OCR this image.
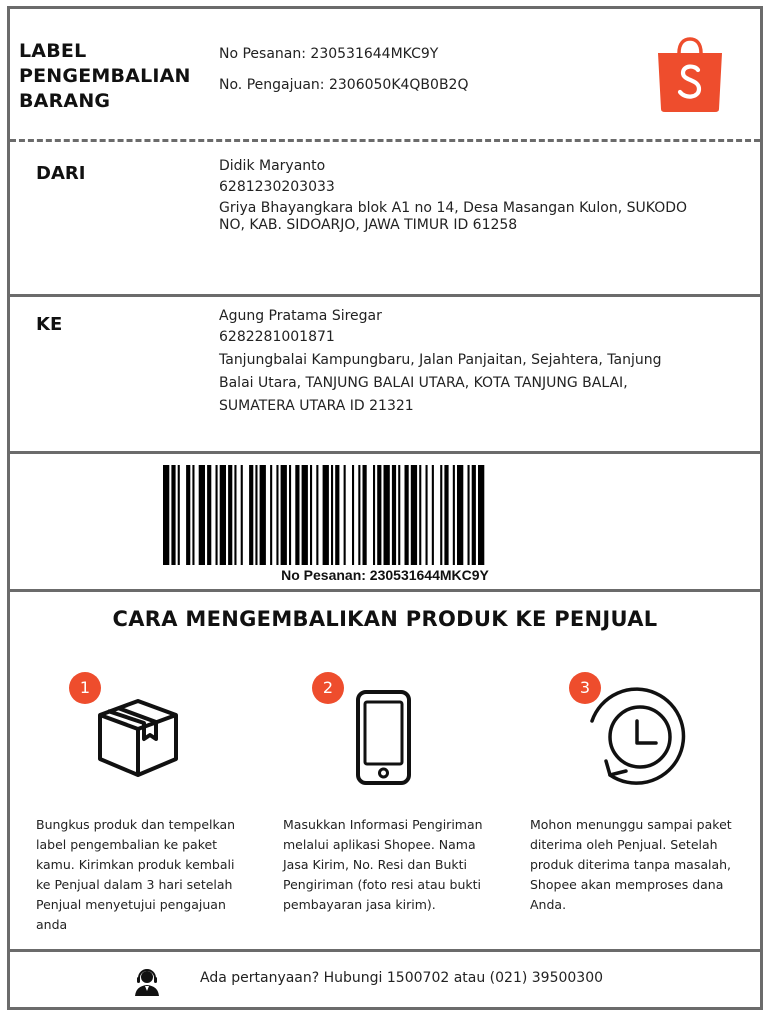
LABEL
PENGEMBALIAN
BARANG
No Pesanan: 230531644MKC9Y
No. Pengajuan: 2306050K4QB0B2Q
DARI	Didik Maryanto
6281230203033
Griya Bhayangkara blok A1 no 14, Desa Masangan Kulon, SUKODO
NO, KAB. SIDOARJO, JAWA TIMUR ID 61258
KE	Agung Pratama Siregar
6282281001871
Tanjungbalai Kampungbaru, Jalan Panjaitan, Sejahtera, Tanjung
Balai Utara, TANJUNG BALAI UTARA, KOTA TANJUNG BALAI,
SUMATERA UTARA ID 21321
No Pesanan: 230531644MKC9Y
CARA MENGEMBALIKAN PRODUK KE PENJUAL
1
Bungkus produk dan tempelkan label pengembalian ke paket kamu. Kirimkan produk kembali ke Penjual dalam 3 hari setelah Penjual menyetujui pengajuan anda
2
Masukkan Informasi Pengiriman melalui aplikasi Shopee. Nama Jasa Kirim, No. Resi dan Bukti Pengiriman (foto resi atau bukti pembayaran jasa kirim).
3
Mohon menunggu sampai paket diterima oleh Penjual. Setelah produk diterima tanpa masalah, Shopee akan memproses dana Anda.
Ada pertanyaan? Hubungi 1500702 atau (021) 39500300
